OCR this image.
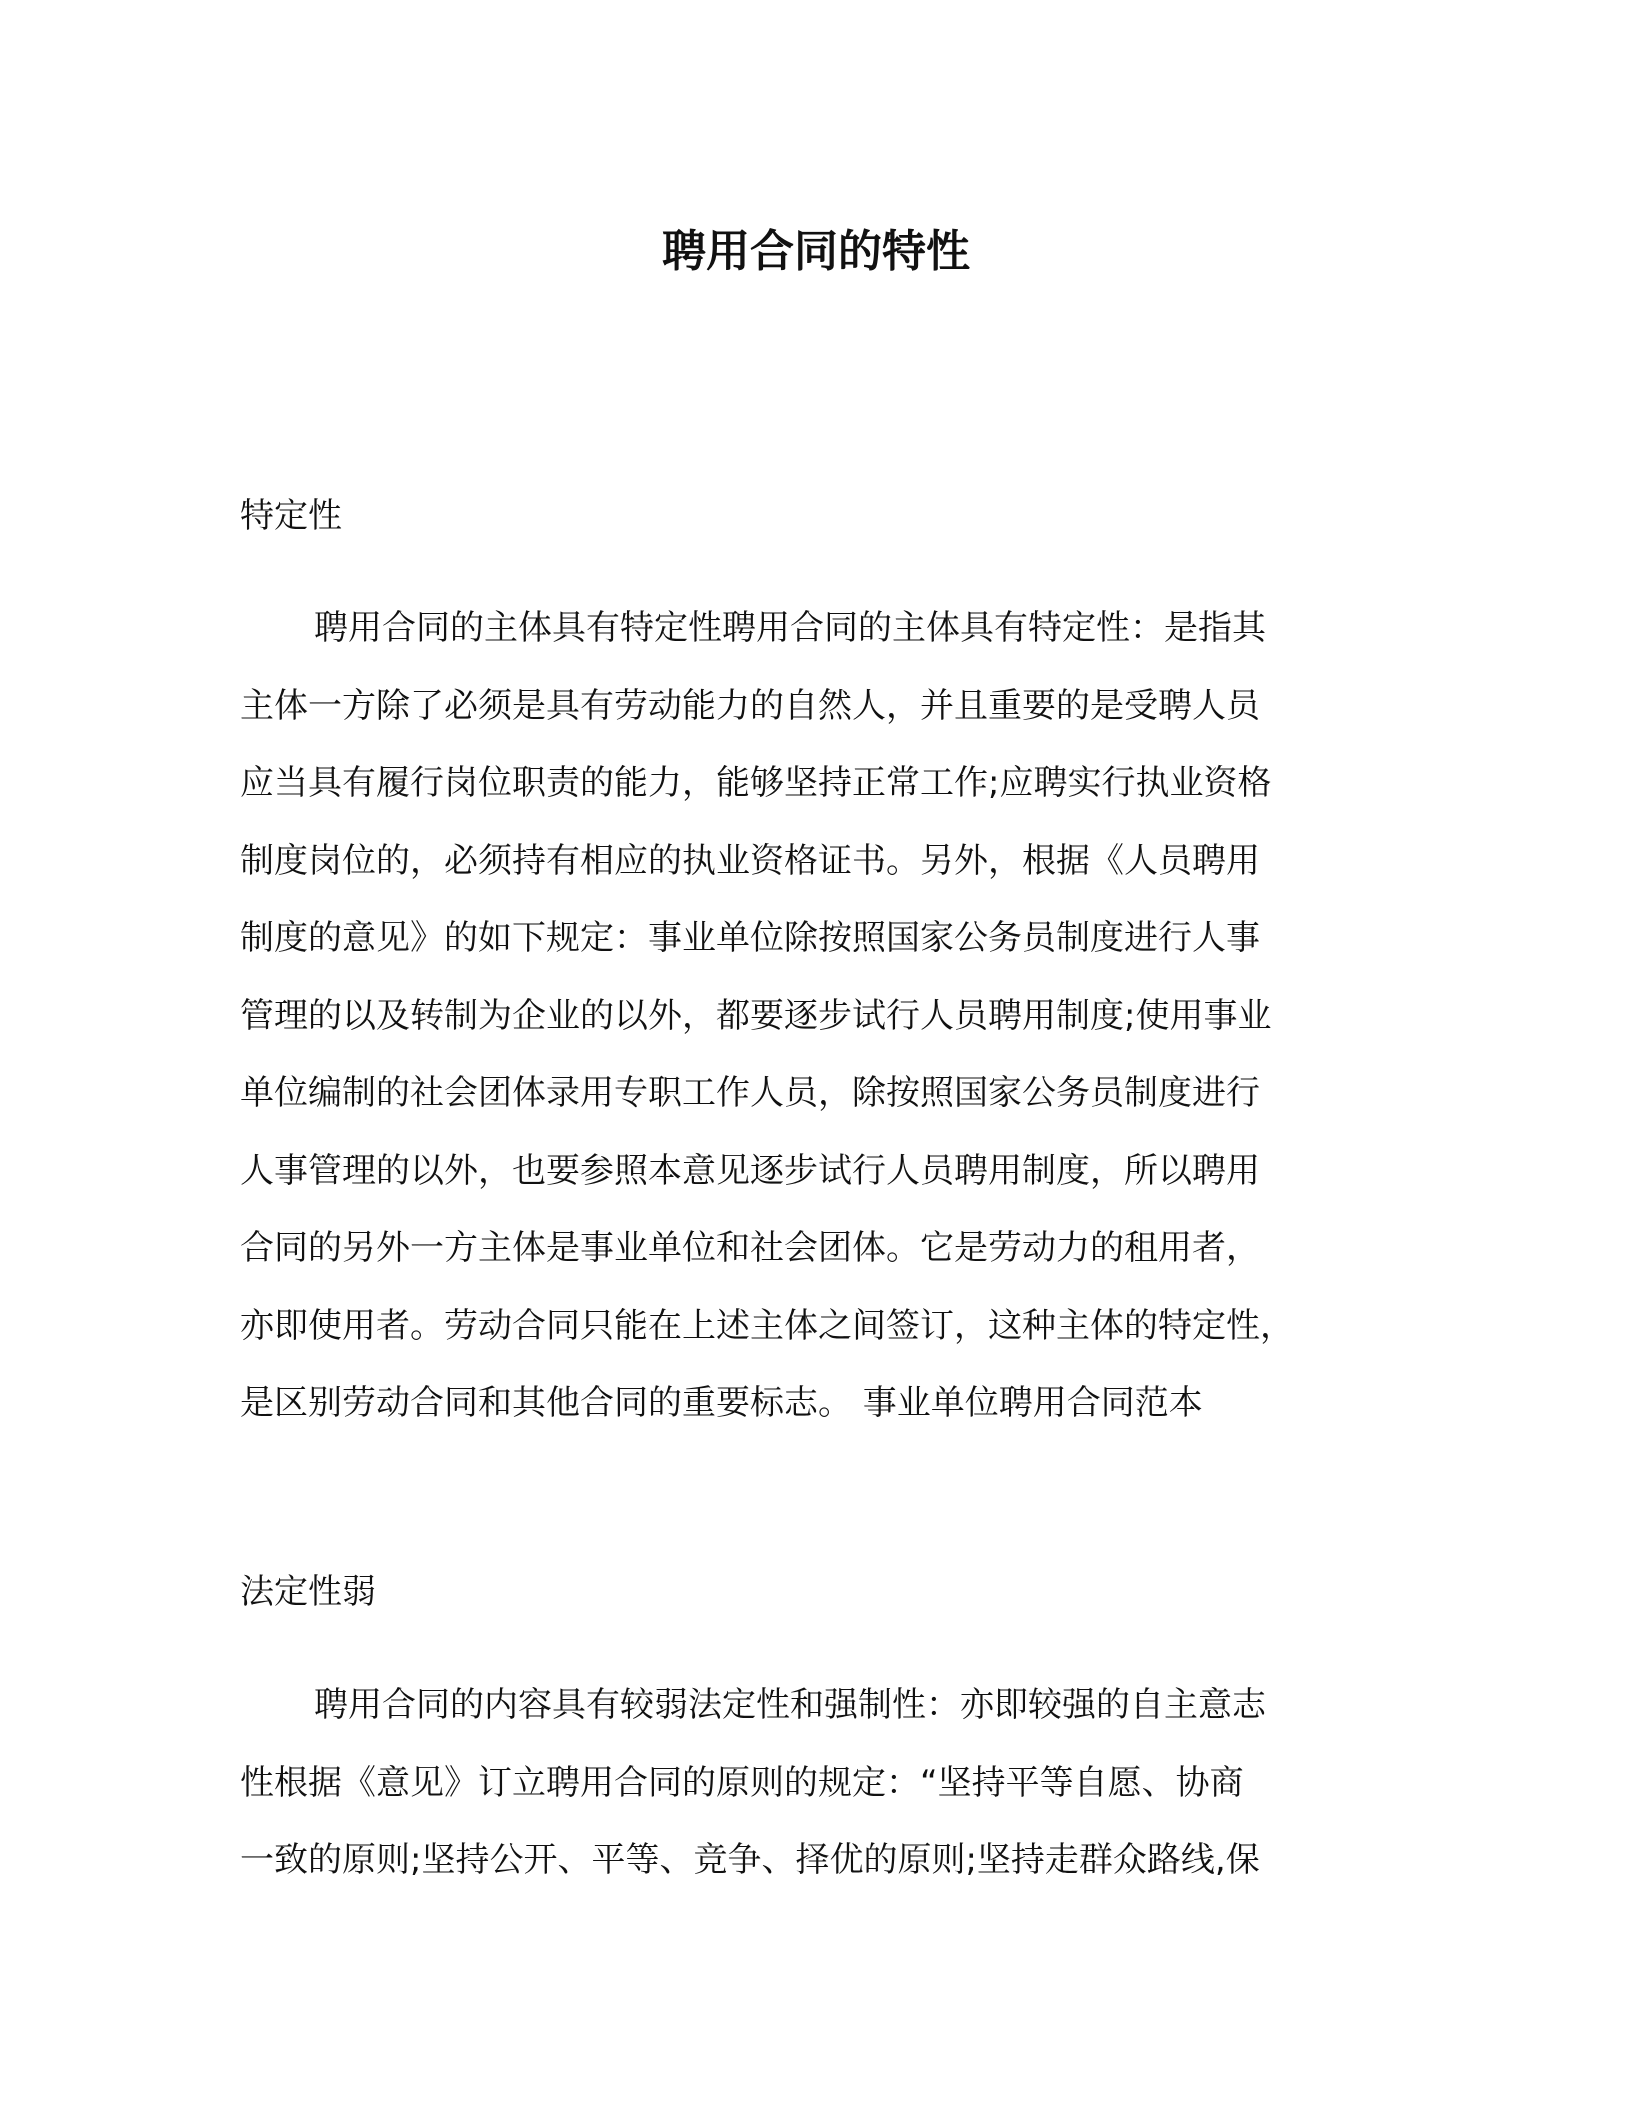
聘用合同的特性
特定性
聘用合同的主体具有特定性聘用合同的主体具有特定性：是指其
主体一方除了必须是具有劳动能力的自然人，并且重要的是受聘人员
应当具有履行岗位职责的能力，能够坚持正常工作;应聘实行执业资格
制度岗位的，必须持有相应的执业资格证书。另外，根据《人员聘用
制度的意见》的如下规定：事业单位除按照国家公务员制度进行人事
管理的以及转制为企业的以外，都要逐步试行人员聘用制度;使用事业
单位编制的社会团体录用专职工作人员，除按照国家公务员制度进行
人事管理的以外，也要参照本意见逐步试行人员聘用制度，所以聘用
合同的另外一方主体是事业单位和社会团体。它是劳动力的租用者，
亦即使用者。劳动合同只能在上述主体之间签订，这种主体的特定性，
是区别劳动合同和其他合同的重要标志。 事业单位聘用合同范本
法定性弱
聘用合同的内容具有较弱法定性和强制性：亦即较强的自主意志
性根据《意见》订立聘用合同的原则的规定：“坚持平等自愿、协商
一致的原则;坚持公开、平等、竞争、择优的原则;坚持走群众路线,保
